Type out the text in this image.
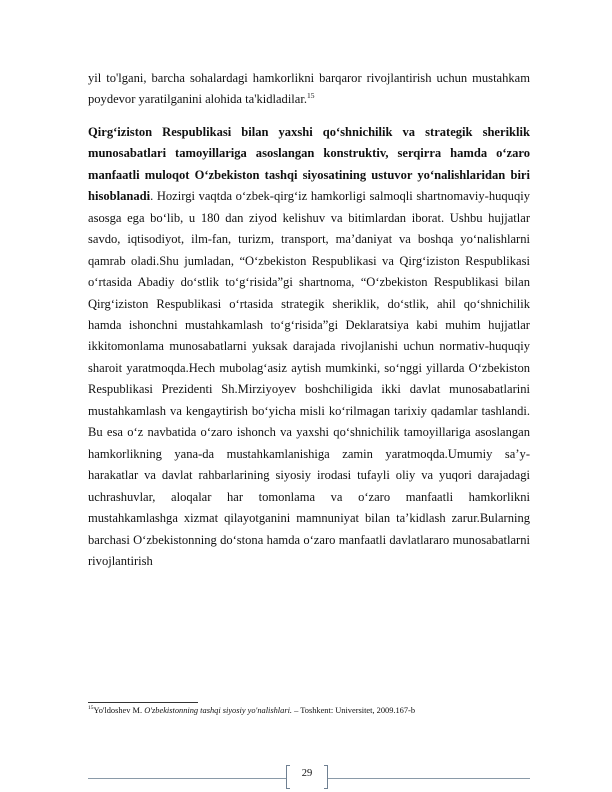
yil to'lgani, barcha sohalardagi hamkorlikni barqaror rivojlantirish uchun mustahkam poydevor yaratilganini alohida ta'kidladilar.$^{15}$

Qirg‘iziston Respublikasi bilan yaxshi qo‘shnichilik va strategik sheriklik munosabatlari tamoyillariga asoslangan konstruktiv, serqirra hamda o‘zaro manfaatli muloqot O‘zbekiston tashqi siyosatining ustuvor yo‘nalishlaridan biri hisoblanadi. Hozirgi vaqtda o‘zbek-qirg‘iz hamkorligi salmoqli shartnomaviy-huquqiy asosga ega bo‘lib, u 180 dan ziyod kelishuv va bitimlardan iborat. Ushbu hujjatlar savdo, iqtisodiyot, ilm-fan, turizm, transport, ma’daniyat va boshqa yo‘nalishlarni qamrab oladi.Shu jumladan, “O‘zbekiston Respublikasi va Qirg‘iziston Respublikasi o‘rtasida Abadiy do‘stlik to‘g‘risida”gi shartnoma, “O‘zbekiston Respublikasi bilan Qirg‘iziston Respublikasi o‘rtasida strategik sheriklik, do‘stlik, ahil qo‘shnichilik hamda ishonchni mustahkamlash to‘g‘risida”gi Deklaratsiya kabi muhim hujjatlar ikkitomonlama munosabatlarni yuksak darajada rivojlanishi uchun normativ-huquqiy sharoit yaratmoqda.Hech mubolag‘asiz aytish mumkinki, so‘nggi yillarda O‘zbekiston Respublikasi Prezidenti Sh.Mirziyoyev boshchiligida ikki davlat munosabatlarini mustahkamlash va kengaytirish bo‘yicha misli ko‘rilmagan tarixiy qadamlar tashlandi. Bu esa o‘z navbatida o‘zaro ishonch va yaxshi qo‘shnichilik tamoyillariga asoslangan hamkorlikning yana-da mustahkamlanishiga zamin yaratmoqda.Umumiy sa’y-harakatlar va davlat rahbarlarining siyosiy irodasi tufayli oliy va yuqori darajadagi uchrashuvlar, aloqalar har tomonlama va o‘zaro manfaatli hamkorlikni mustahkamlashga xizmat qilayotganini mamnuniyat bilan ta’kidlash zarur.Bularning barchasi O‘zbekistonning do‘stona hamda o‘zaro manfaatli davlatlararo munosabatlarni rivojlantirish

$^{15}$Yo'ldoshev M. O'zbekistonning tashqi siyosiy yo'nalishlari. – Toshkent: Universitet, 2009.167-b
29
